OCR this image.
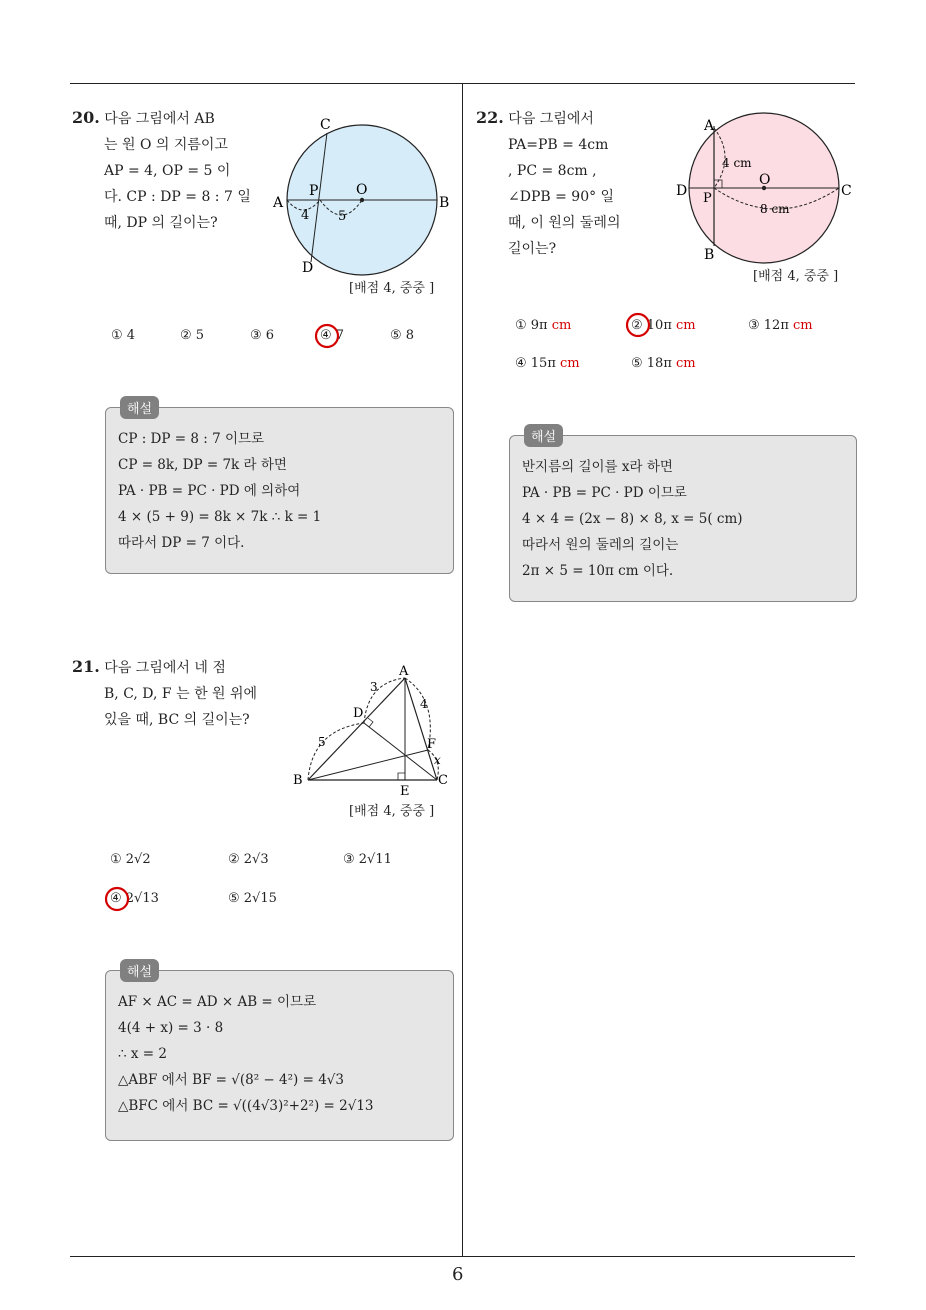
6
20. 다음 그림에서 AB
는 원 O 의 지름이고
AP = 4, OP = 5 이
다. CP : DP = 8 : 7 일
때, DP 의 길이는?
C
A	B
D
P	O
4 5
[배점 4, 중중 ]
① 4	② 5	③ 6	④ 7	⑤ 8
CP : DP = 8 : 7 이므로
CP = 8k, DP = 7k 라 하면
PA · PB = PC · PD 에 의하여
4 × (5 + 9) = 8k × 7k ∴ k = 1
따라서 DP = 7 이다.
해설
21. 다음 그림에서 네 점
B, C, D, F 는 한 원 위에
있을 때, BC 의 길이는?
A
B	C
D
E
F
3
4
5
x
[배점 4, 중중 ]
① 2√2	② 2√3	③ 2√11
④ 2√13	⑤ 2√15
AF × AC = AD × AB = 이므로
4(4 + x) = 3 · 8
∴ x = 2
△ABF 에서 BF = √(8² − 4²) = 4√3
△BFC 에서 BC = √((4√3)²+2²) = 2√13
해설
22. 다음 그림에서
PA=PB = 4cm
, PC = 8cm ,
∠DPB = 90° 일
때, 이 원의 둘레의
길이는?
A
B
C
D P
O
4 cm
8 cm
[배점 4, 중중 ]
① 9π cm	② 10π cm	③ 12π cm
④ 15π cm	⑤ 18π cm
반지름의 길이를 x라 하면
PA · PB = PC · PD 이므로
4 × 4 = (2x − 8) × 8, x = 5( cm)
따라서 원의 둘레의 길이는
2π × 5 = 10π cm 이다.
해설
